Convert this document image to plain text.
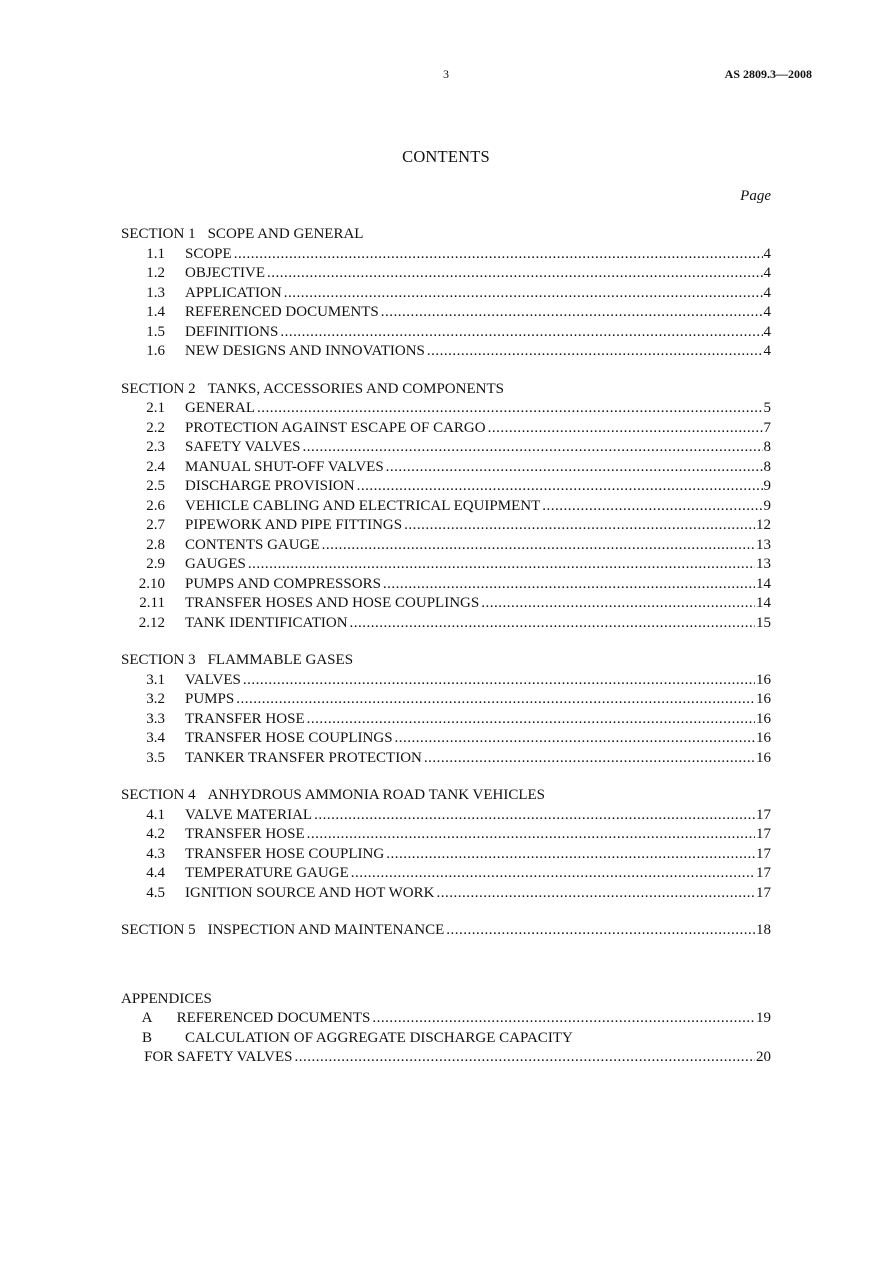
3	AS 2809.3—2008
CONTENTS
Page
SECTION 1 SCOPE AND GENERAL
1.1	SCOPE .....	4
1.2	OBJECTIVE .....	4
1.3	APPLICATION .....	4
1.4	REFERENCED DOCUMENTS .....	4
1.5	DEFINITIONS .....	4
1.6	NEW DESIGNS AND INNOVATIONS .....	4
SECTION 2 TANKS, ACCESSORIES AND COMPONENTS
2.1	GENERAL .....	5
2.2	PROTECTION AGAINST ESCAPE OF CARGO .....	7
2.3	SAFETY VALVES .....	8
2.4	MANUAL SHUT-OFF VALVES .....	8
2.5	DISCHARGE PROVISION .....	9
2.6	VEHICLE CABLING AND ELECTRICAL EQUIPMENT .....	9
2.7	PIPEWORK AND PIPE FITTINGS .....	12
2.8	CONTENTS GAUGE .....	13
2.9	GAUGES .....	13
2.10	PUMPS AND COMPRESSORS .....	14
2.11	TRANSFER HOSES AND HOSE COUPLINGS .....	14
2.12	TANK IDENTIFICATION .....	15
SECTION 3 FLAMMABLE GASES
3.1	VALVES .....	16
3.2	PUMPS .....	16
3.3	TRANSFER HOSE .....	16
3.4	TRANSFER HOSE COUPLINGS .....	16
3.5	TANKER TRANSFER PROTECTION .....	16
SECTION 4 ANHYDROUS AMMONIA ROAD TANK VEHICLES
4.1	VALVE MATERIAL .....	17
4.2	TRANSFER HOSE .....	17
4.3	TRANSFER HOSE COUPLING .....	17
4.4	TEMPERATURE GAUGE .....	17
4.5	IGNITION SOURCE AND HOT WORK .....	17
SECTION 5 INSPECTION AND MAINTENANCE .....	18
APPENDICES
A	REFERENCED DOCUMENTS .....	19
B	CALCULATION OF AGGREGATE DISCHARGE CAPACITY
FOR SAFETY VALVES .....	20
